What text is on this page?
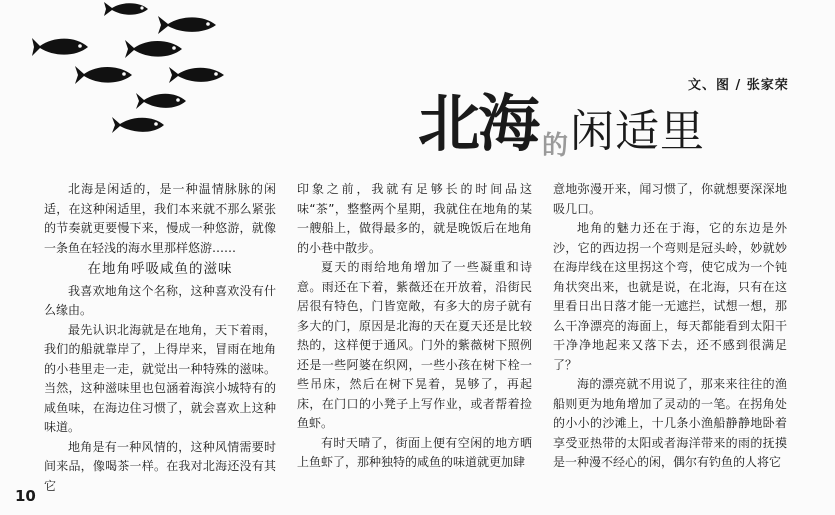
文、图 / 张家荣
北海 的闲适里

北海是闲适的，是一种温情脉脉的闲适，在这种闲适里，我们本来就不那么紧张的节奏就更要慢下来，慢成一种悠游，就像一条鱼在轻浅的海水里那样悠游……

在地角呼吸咸鱼的滋味

我喜欢地角这个名称，这种喜欢没有什么缘由。

最先认识北海就是在地角，天下着雨，我们的船就靠岸了，上得岸来，冒雨在地角的小巷里走一走，就觉出一种特殊的滋味。当然，这种滋味里也包涵着海滨小城特有的咸鱼味，在海边住习惯了，就会喜欢上这种味道。

地角是有一种风情的，这种风情需要时间来品，像喝茶一样。在我对北海还没有其它

印象之前，我就有足够长的时间品这味“茶”，整整两个星期，我就住在地角的某一艘船上，做得最多的，就是晚饭后在地角的小巷中散步。

夏天的雨给地角增加了一些凝重和诗意。雨还在下着，紫薇还在开放着，沿街民居很有特色，门皆宽敞，有多大的房子就有多大的门，原因是北海的天在夏天还是比较热的，这样便于通风。门外的紫薇树下照例还是一些阿婆在织网，一些小孩在树下栓一些吊床，然后在树下晃着，晃够了，再起床，在门口的小凳子上写作业，或者帮着捡鱼虾。

有时天晴了，街面上便有空闲的地方晒上鱼虾了，那种独特的咸鱼的味道就更加肆

意地弥漫开来，闻习惯了，你就想要深深地吸几口。

地角的魅力还在于海，它的东边是外沙，它的西边拐一个弯则是冠头岭，妙就妙在海岸线在这里拐这个弯，使它成为一个钝角状突出来，也就是说，在北海，只有在这里看日出日落才能一无遮拦，试想一想，那么干净漂亮的海面上，每天都能看到太阳干干净净地起来又落下去，还不感到很满足了？

海的漂亮就不用说了，那来来往往的渔船则更为地角增加了灵动的一笔。在拐角处的小小的沙滩上，十几条小渔船静静地卧着享受亚热带的太阳或者海洋带来的雨的抚摸是一种漫不经心的闲，偶尔有钓鱼的人将它

10
